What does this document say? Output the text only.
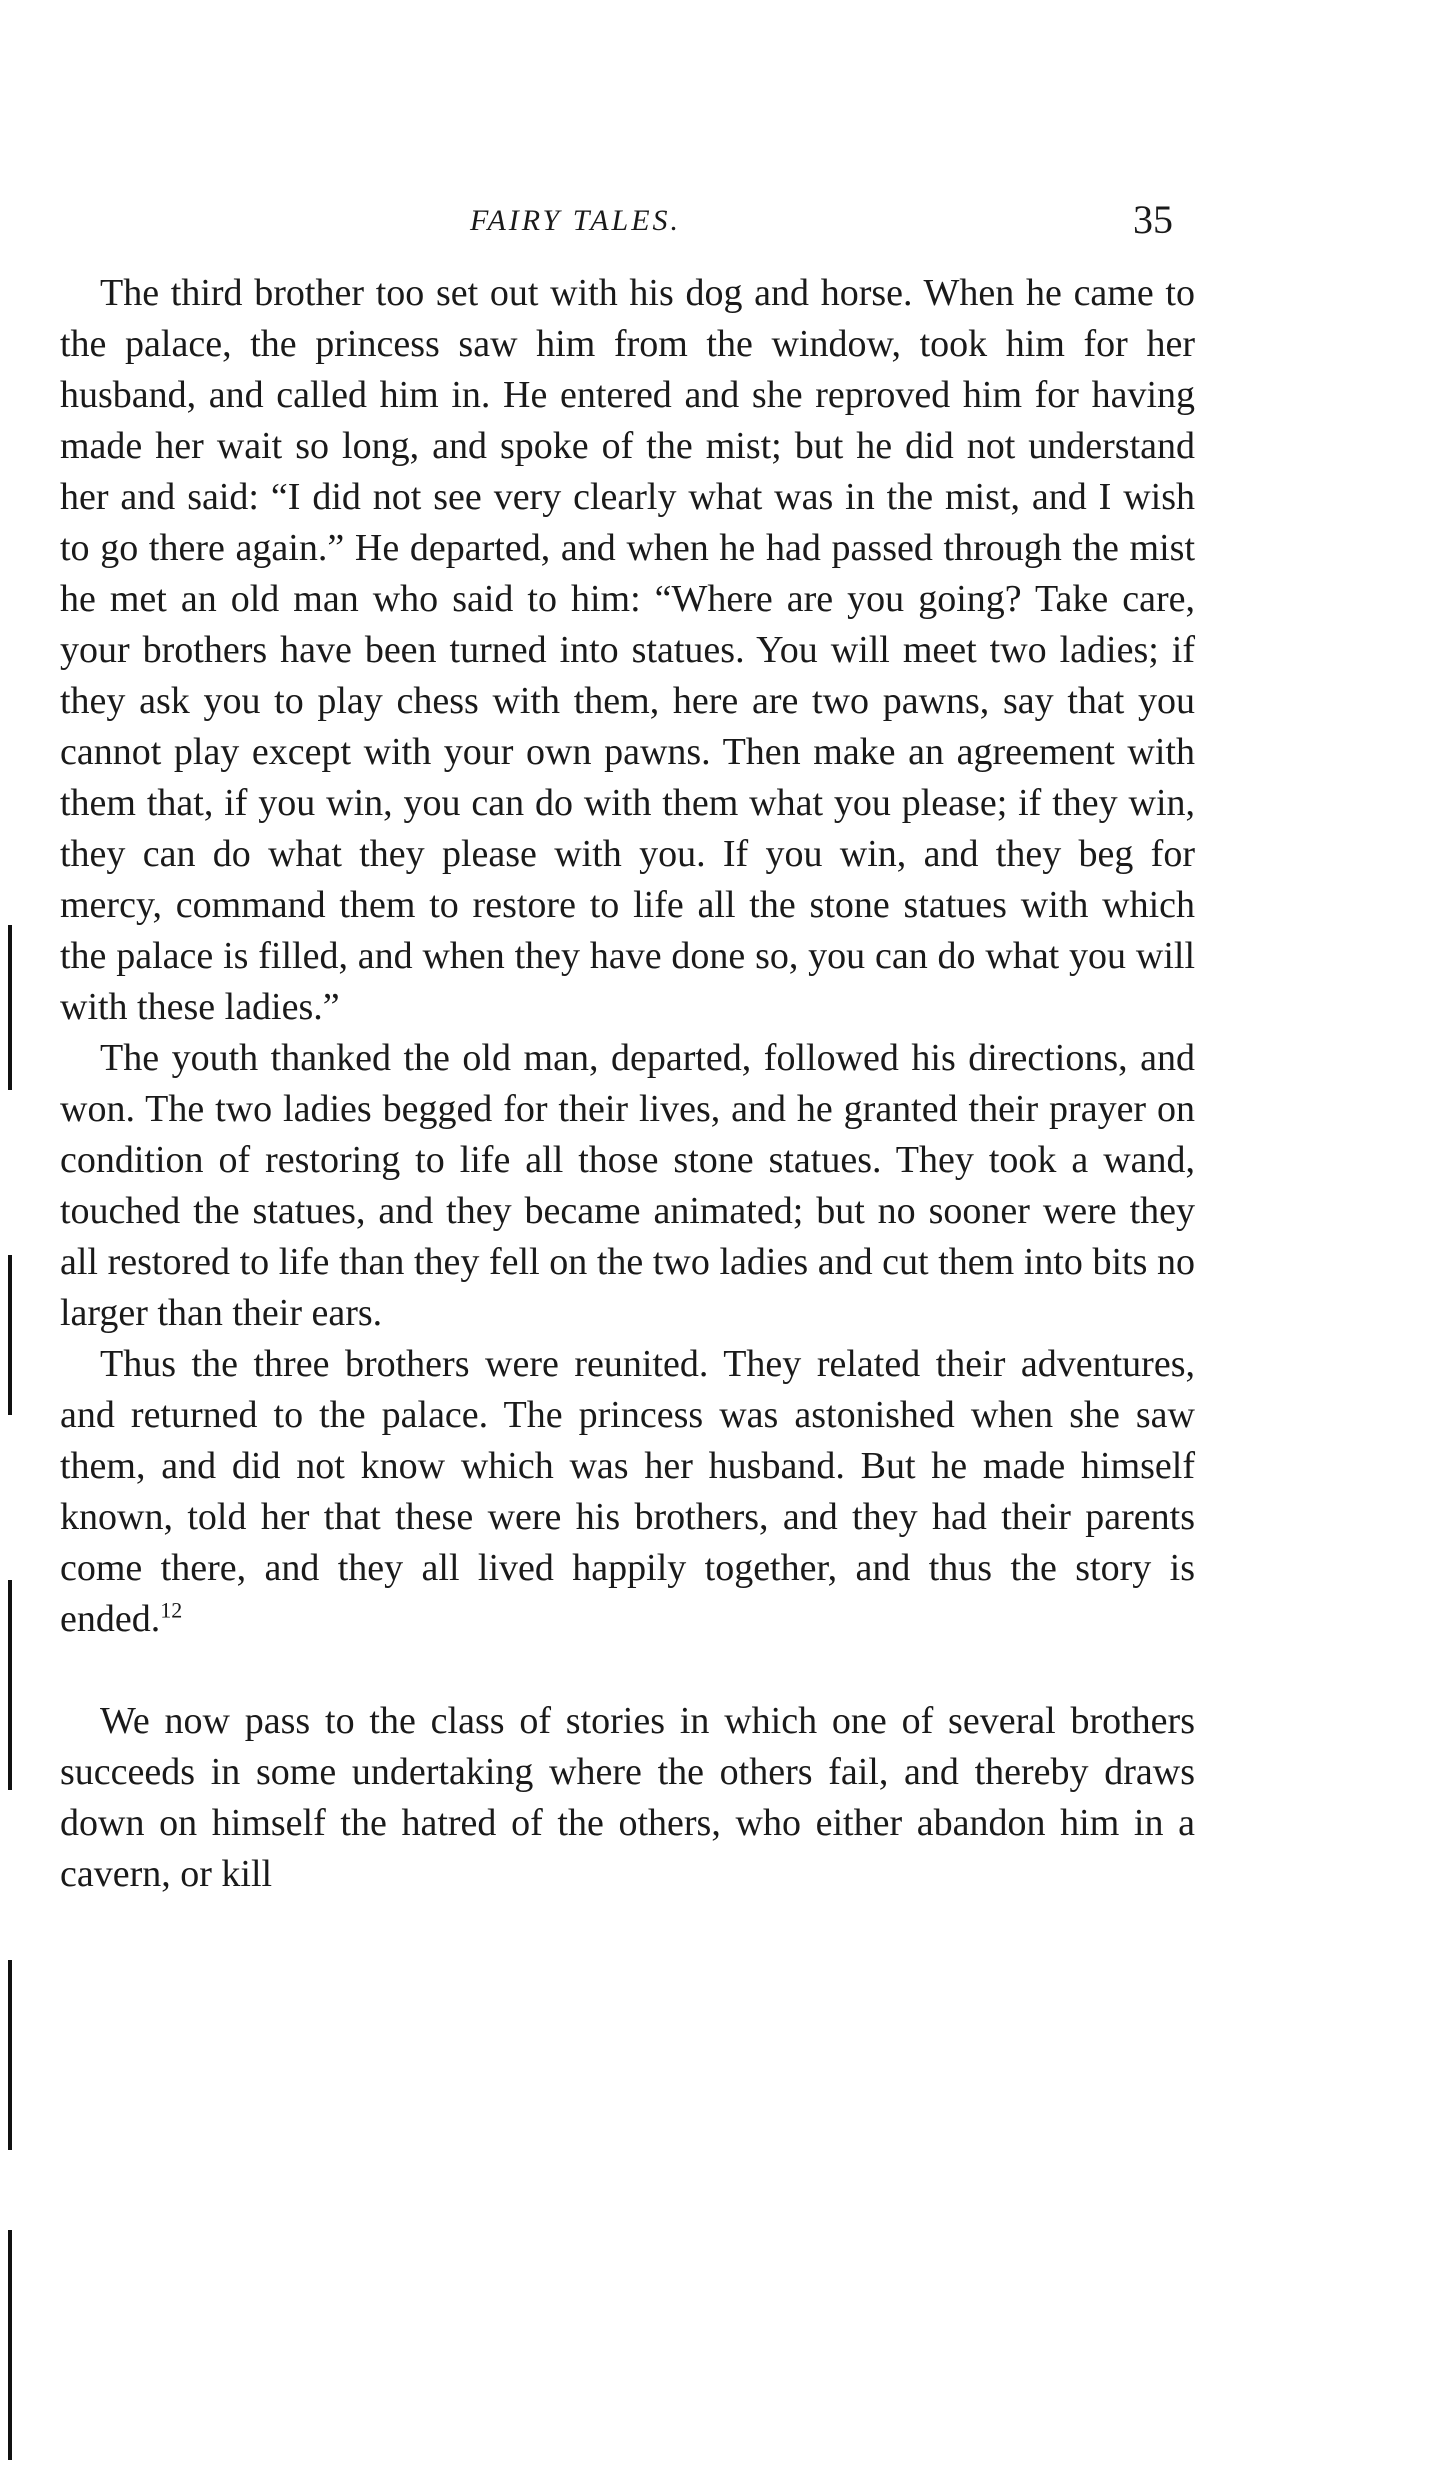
FAIRY TALES.	35

The third brother too set out with his dog and horse. When he came to the palace, the princess saw him from the window, took him for her husband, and called him in. He entered and she reproved him for having made her wait so long, and spoke of the mist; but he did not understand her and said: “I did not see very clearly what was in the mist, and I wish to go there again.” He departed, and when he had passed through the mist he met an old man who said to him: “Where are you going? Take care, your brothers have been turned into statues. You will meet two ladies; if they ask you to play chess with them, here are two pawns, say that you cannot play except with your own pawns. Then make an agreement with them that, if you win, you can do with them what you please; if they win, they can do what they please with you. If you win, and they beg for mercy, command them to restore to life all the stone statues with which the palace is filled, and when they have done so, you can do what you will with these ladies.”

The youth thanked the old man, departed, followed his directions, and won. The two ladies begged for their lives, and he granted their prayer on condition of restoring to life all those stone statues. They took a wand, touched the statues, and they became animated; but no sooner were they all restored to life than they fell on the two ladies and cut them into bits no larger than their ears.

Thus the three brothers were reunited. They related their adventures, and returned to the palace. The princess was astonished when she saw them, and did not know which was her husband. But he made himself known, told her that these were his brothers, and they had their parents come there, and they all lived happily together, and thus the story is ended.$^{12}$

We now pass to the class of stories in which one of several brothers succeeds in some undertaking where the others fail, and thereby draws down on himself the hatred of the others, who either abandon him in a cavern, or kill
